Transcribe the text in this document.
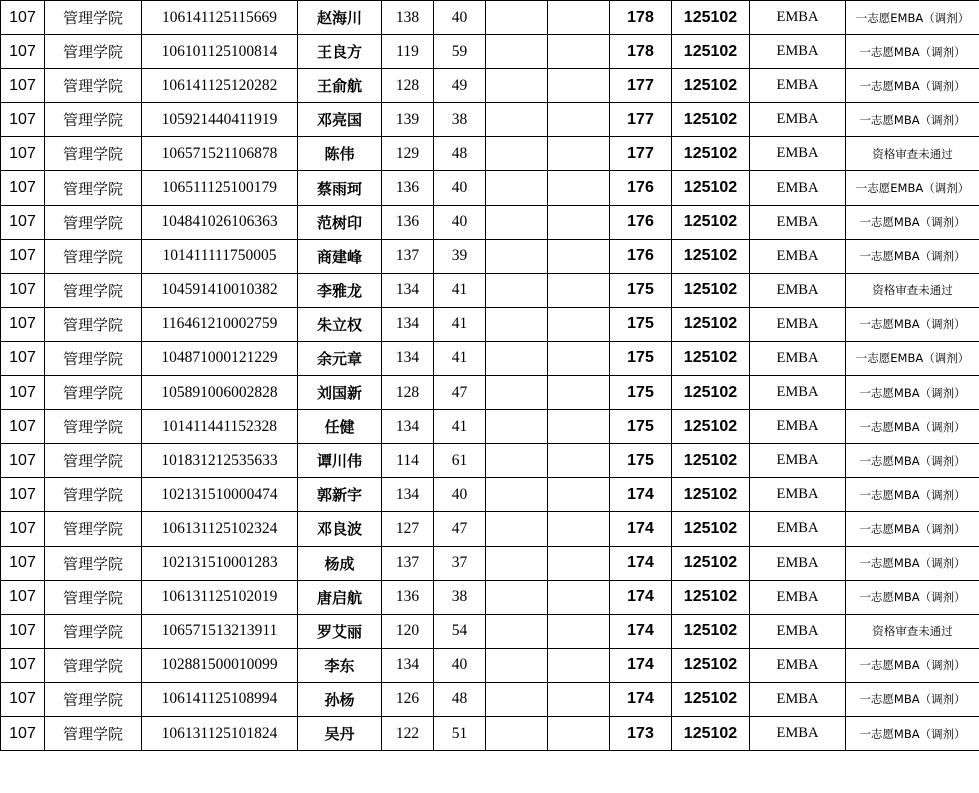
107	管理学院	106141125115669	赵海川	138	40			178	125102	EMBA	一志愿EMBA（调剂）
107	管理学院	106101125100814	王良方	119	59			178	125102	EMBA	一志愿MBA（调剂）
107	管理学院	106141125120282	王俞航	128	49			177	125102	EMBA	一志愿MBA（调剂）
107	管理学院	105921440411919	邓亮国	139	38			177	125102	EMBA	一志愿MBA（调剂）
107	管理学院	106571521106878	陈伟	129	48			177	125102	EMBA	资格审查未通过
107	管理学院	106511125100179	蔡雨珂	136	40			176	125102	EMBA	一志愿EMBA（调剂）
107	管理学院	104841026106363	范树印	136	40			176	125102	EMBA	一志愿MBA（调剂）
107	管理学院	101411111750005	商建峰	137	39			176	125102	EMBA	一志愿MBA（调剂）
107	管理学院	104591410010382	李雅龙	134	41			175	125102	EMBA	资格审查未通过
107	管理学院	116461210002759	朱立权	134	41			175	125102	EMBA	一志愿MBA（调剂）
107	管理学院	104871000121229	余元章	134	41			175	125102	EMBA	一志愿EMBA（调剂）
107	管理学院	105891006002828	刘国新	128	47			175	125102	EMBA	一志愿MBA（调剂）
107	管理学院	101411441152328	任健	134	41			175	125102	EMBA	一志愿MBA（调剂）
107	管理学院	101831212535633	谭川伟	114	61			175	125102	EMBA	一志愿MBA（调剂）
107	管理学院	102131510000474	郭新宇	134	40			174	125102	EMBA	一志愿MBA（调剂）
107	管理学院	106131125102324	邓良波	127	47			174	125102	EMBA	一志愿MBA（调剂）
107	管理学院	102131510001283	杨成	137	37			174	125102	EMBA	一志愿MBA（调剂）
107	管理学院	106131125102019	唐启航	136	38			174	125102	EMBA	一志愿MBA（调剂）
107	管理学院	106571513213911	罗艾丽	120	54			174	125102	EMBA	资格审查未通过
107	管理学院	102881500010099	李东	134	40			174	125102	EMBA	一志愿MBA（调剂）
107	管理学院	106141125108994	孙杨	126	48			174	125102	EMBA	一志愿MBA（调剂）
107	管理学院	106131125101824	吴丹	122	51			173	125102	EMBA	一志愿MBA（调剂）
